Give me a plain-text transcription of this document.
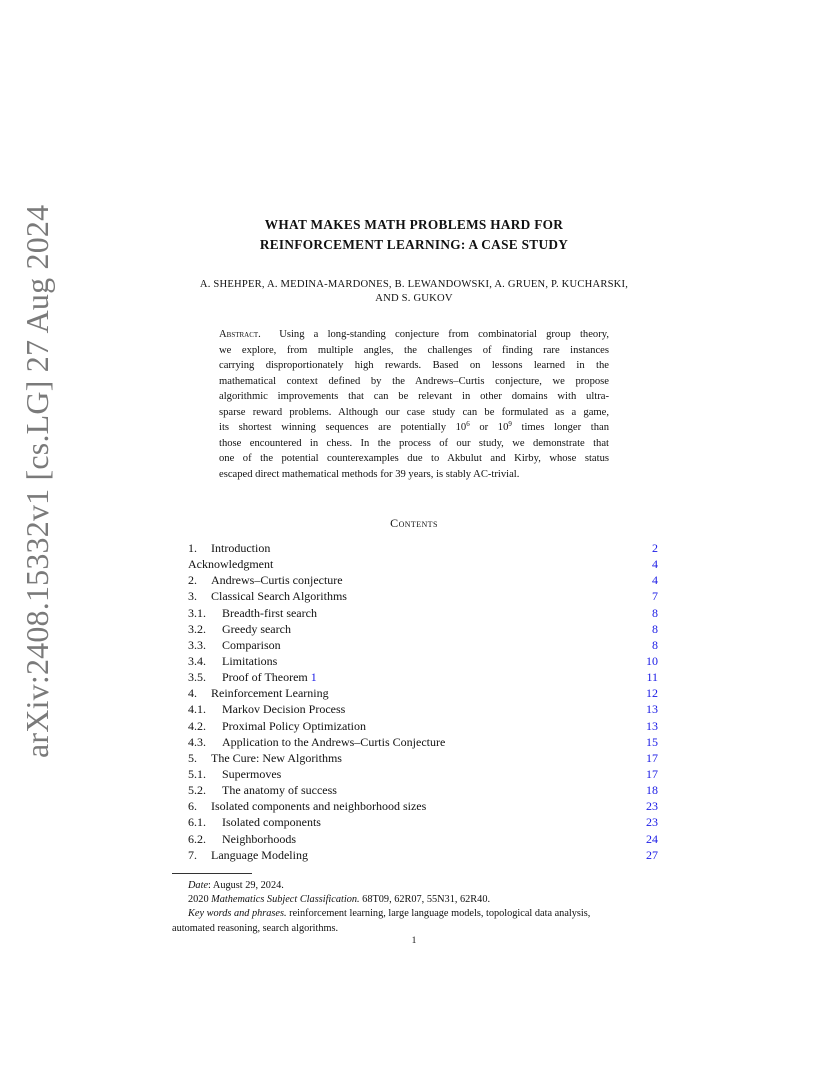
arXiv:2408.15332v1 [cs.LG] 27 Aug 2024	WHAT MAKES MATH PROBLEMS HARD FOR
REINFORCEMENT LEARNING: A CASE STUDY
A. SHEHPER, A. MEDINA-MARDONES, B. LEWANDOWSKI, A. GRUEN, P. KUCHARSKI,
AND S. GUKOV
Abstract. Using a long-standing conjecture from combinatorial group theory,
we explore, from multiple angles, the challenges of finding rare instances
carrying disproportionately high rewards. Based on lessons learned in the
mathematical context defined by the Andrews–Curtis conjecture, we propose
algorithmic improvements that can be relevant in other domains with ultra-
sparse reward problems. Although our case study can be formulated as a game,
its shortest winning sequences are potentially $10^6$ or $10^9$ times longer than
those encountered in chess. In the process of our study, we demonstrate that
one of the potential counterexamples due to Akbulut and Kirby, whose status
escaped direct mathematical methods for 39 years, is stably AC-trivial.
Contents
1. Introduction	2
Acknowledgment	4
2. Andrews–Curtis conjecture	4
3. Classical Search Algorithms	7
3.1. Breadth-first search	8
3.2. Greedy search	8
3.3. Comparison	8
3.4. Limitations	10
3.5. Proof of Theorem 1	11
4. Reinforcement Learning	12
4.1. Markov Decision Process	13
4.2. Proximal Policy Optimization	13
4.3. Application to the Andrews–Curtis Conjecture	15
5. The Cure: New Algorithms	17
5.1. Supermoves	17
5.2. The anatomy of success	18
6. Isolated components and neighborhood sizes	23
6.1. Isolated components	23
6.2. Neighborhoods	24
7. Language Modeling	27
Date: August 29, 2024.
2020 Mathematics Subject Classification. 68T09, 62R07, 55N31, 62R40.
Key words and phrases. reinforcement learning, large language models, topological data analysis,
automated reasoning, search algorithms.
1
